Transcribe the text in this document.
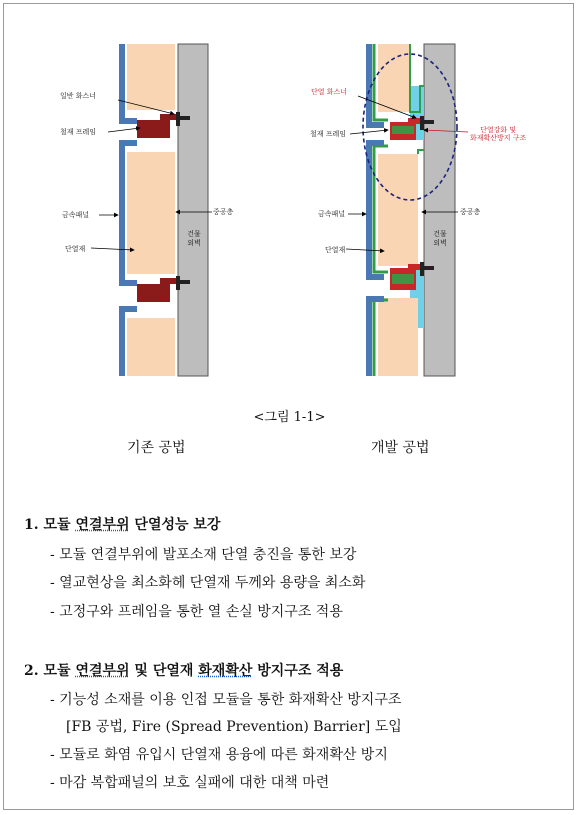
일반 화스너
철재 프레임
금속패널
단열재
중공층
건물
외벽
단열 화스너
철재 프레임	단열강화 및
화재확산방지 구조
금속패널
단열재
중공층
건물
외벽
<그림 1-1>
기존 공법	개발 공법
1. 모듈 연결부위 단열성능 보강
- 모듈 연결부위에 발포소재 단열 충진을 통한 보강
- 열교현상을 최소화헤 단열재 두께와 용량을 최소화
- 고정구와 프레임을 통한 열 손실 방지구조 적용
2. 모듈 연결부위 및 단열재 화재확산 방지구조 적용
- 기능성 소재를 이용 인접 모듈을 통한 화재확산 방지구조
[FB 공법, Fire (Spread Prevention) Barrier] 도입
- 모듈로 화염 유입시 단열재 용융에 따른 화재확산 방지
- 마감 복합패널의 보호 실패에 대한 대책 마련
